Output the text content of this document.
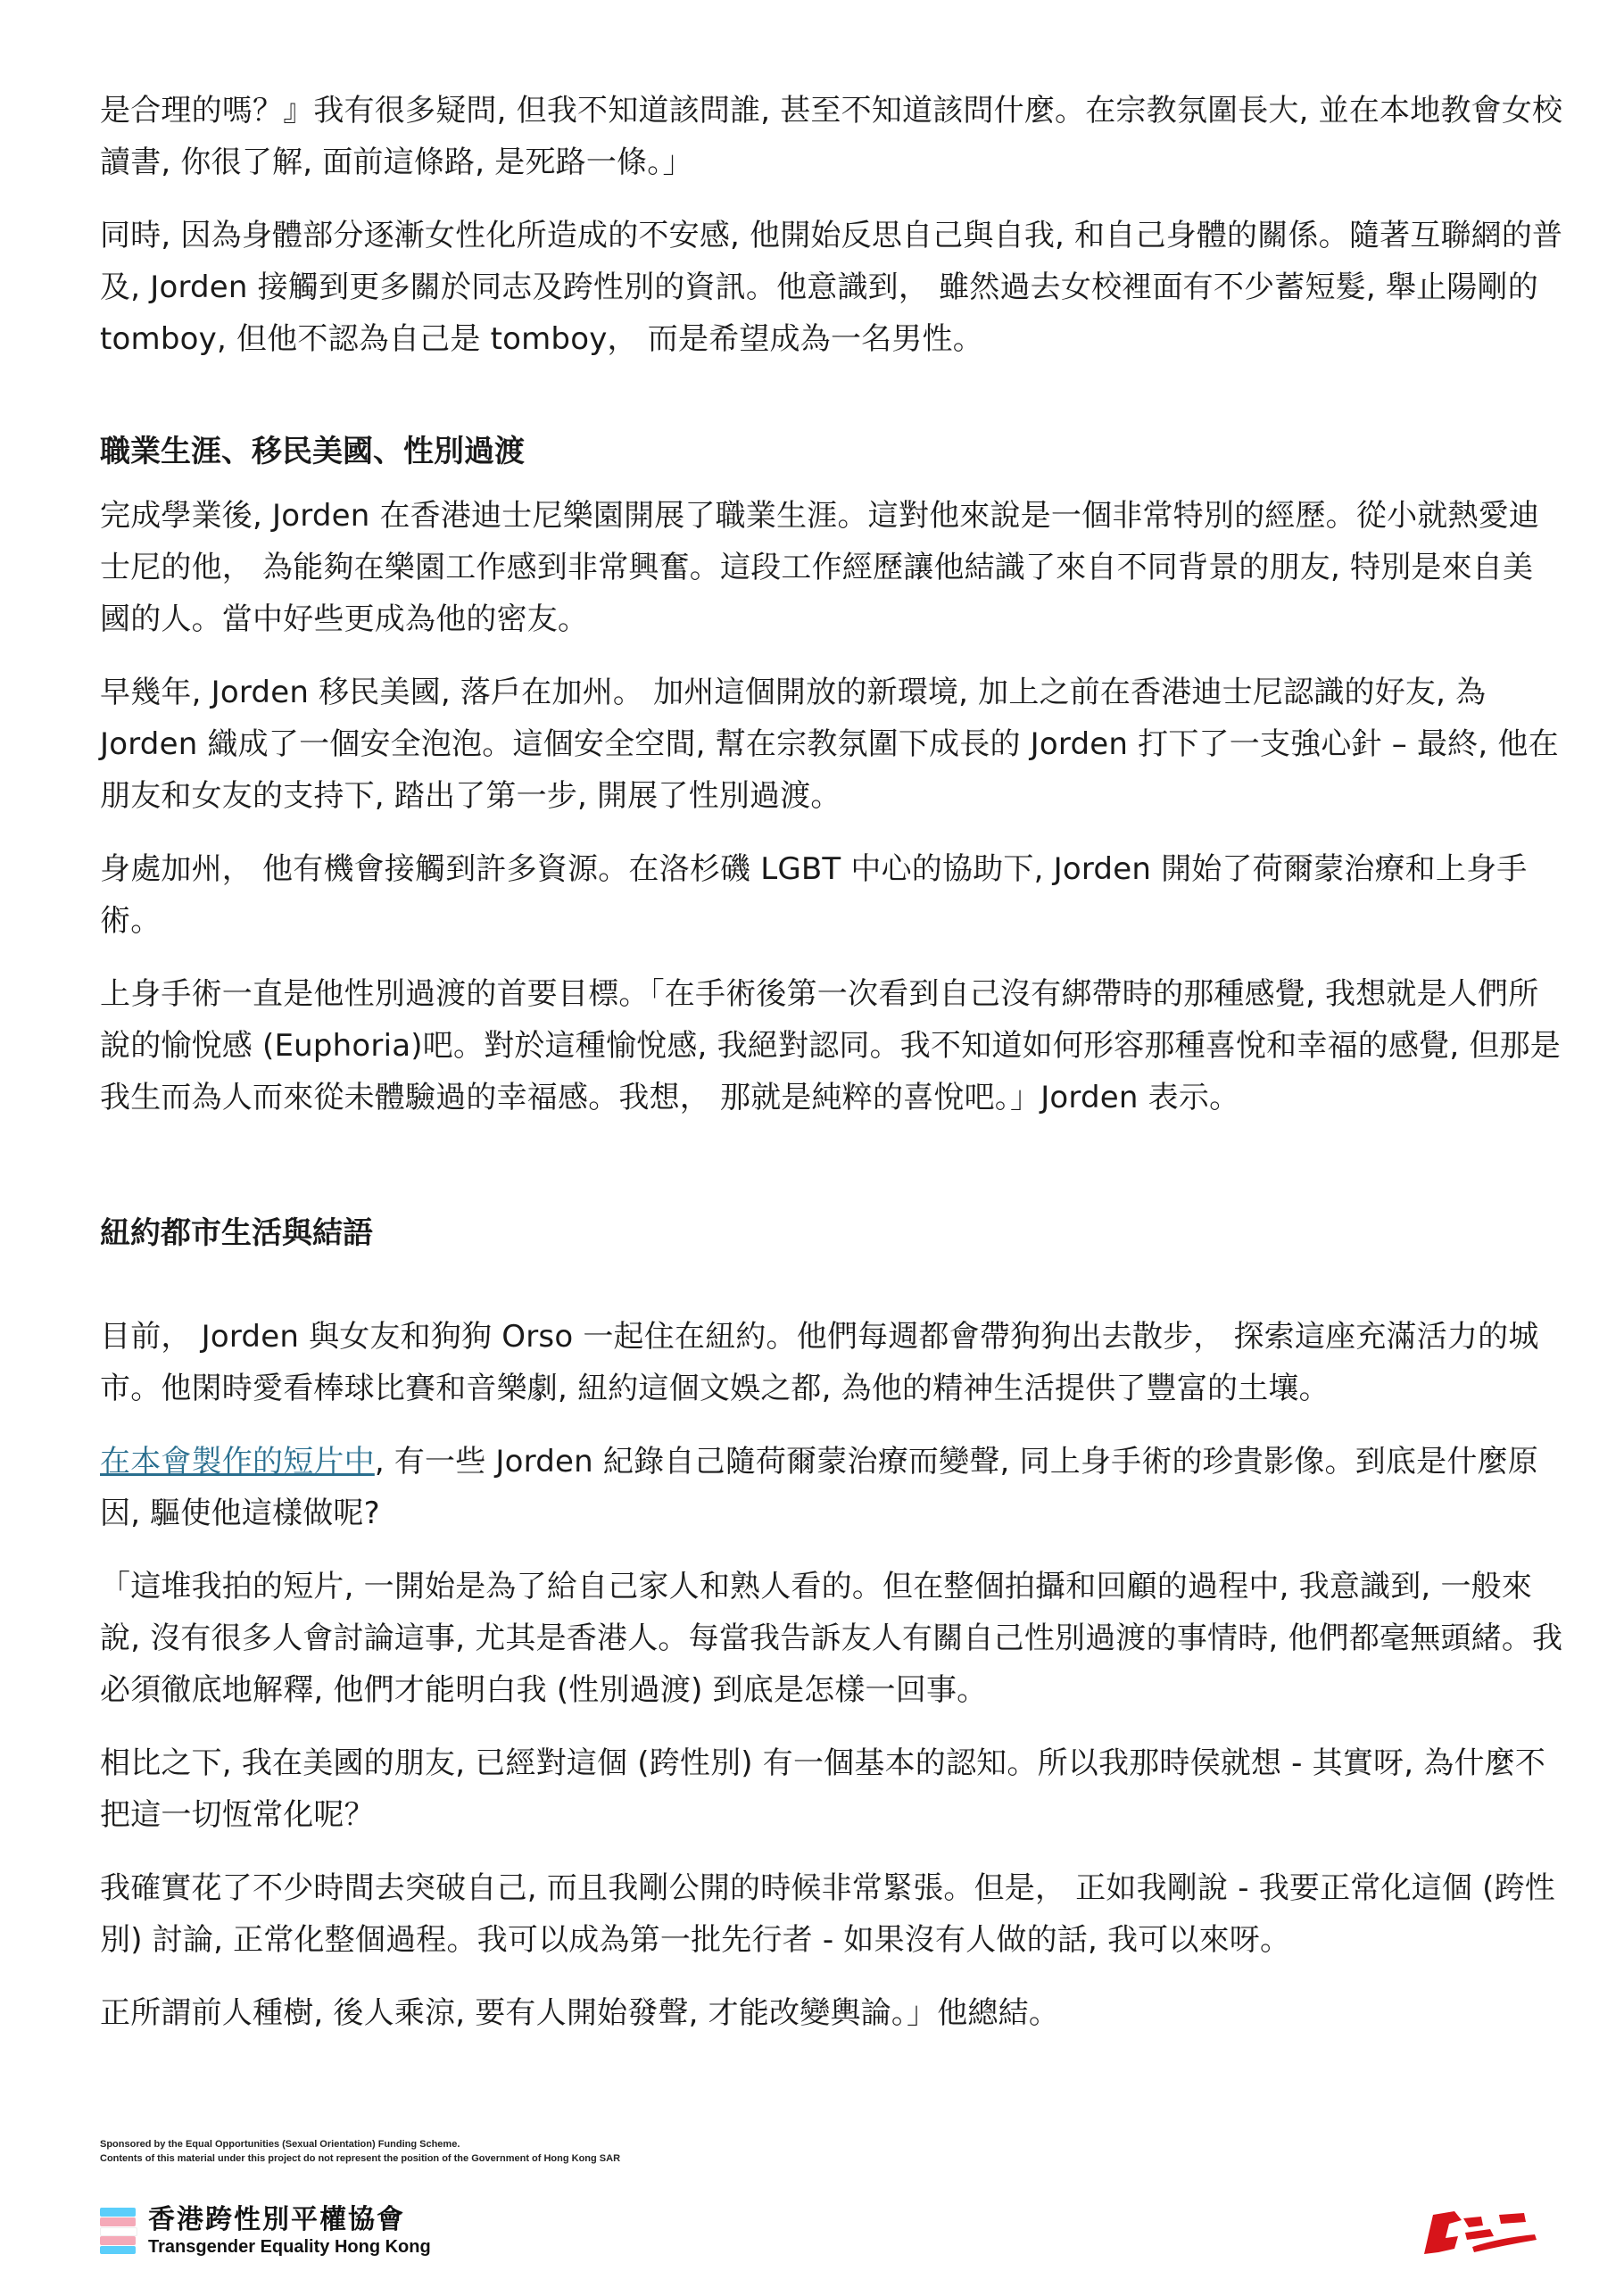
是合理的嗎？』我有很多疑問, 但我不知道該問誰, 甚至不知道該問什麼。在宗教氛圍長大, 並在本地教會女校讀書, 你很了解, 面前這條路, 是死路一條。」

同時, 因為身體部分逐漸女性化所造成的不安感, 他開始反思自己與自我, 和自己身體的關係。隨著互聯網的普及, Jorden 接觸到更多關於同志及跨性別的資訊。他意識到， 雖然過去女校裡面有不少蓄短髮, 舉止陽剛的 tomboy, 但他不認為自己是 tomboy， 而是希望成為一名男性。

職業生涯、移民美國、性別過渡

完成學業後, Jorden 在香港迪士尼樂園開展了職業生涯。這對他來說是一個非常特別的經歷。從小就熱愛迪士尼的他， 為能夠在樂園工作感到非常興奮。這段工作經歷讓他結識了來自不同背景的朋友, 特別是來自美國的人。當中好些更成為他的密友。

早幾年, Jorden 移民美國, 落戶在加州。 加州這個開放的新環境, 加上之前在香港迪士尼認識的好友, 為 Jorden 織成了一個安全泡泡。這個安全空間, 幫在宗教氛圍下成長的 Jorden 打下了一支強心針 – 最終, 他在朋友和女友的支持下, 踏出了第一步, 開展了性別過渡。

身處加州， 他有機會接觸到許多資源。在洛杉磯 LGBT 中心的協助下, Jorden 開始了荷爾蒙治療和上身手術。

上身手術一直是他性別過渡的首要目標。「在手術後第一次看到自己沒有綁帶時的那種感覺, 我想就是人們所說的愉悅感 (Euphoria)吧。對於這種愉悅感, 我絕對認同。我不知道如何形容那種喜悅和幸福的感覺, 但那是我生而為人而來從未體驗過的幸福感。我想， 那就是純粹的喜悅吧。」Jorden 表示。

紐約都市生活與結語

目前， Jorden 與女友和狗狗 Orso 一起住在紐約。他們每週都會帶狗狗出去散步， 探索這座充滿活力的城市。他閑時愛看棒球比賽和音樂劇, 紐約這個文娛之都, 為他的精神生活提供了豐富的土壤。

在本會製作的短片中, 有一些 Jorden 紀錄自己隨荷爾蒙治療而變聲, 同上身手術的珍貴影像。到底是什麼原因, 驅使他這樣做呢?

「這堆我拍的短片, 一開始是為了給自己家人和熟人看的。但在整個拍攝和回顧的過程中, 我意識到, 一般來說, 沒有很多人會討論這事, 尤其是香港人。每當我告訴友人有關自己性別過渡的事情時, 他們都毫無頭緒。我必須徹底地解釋, 他們才能明白我 (性別過渡) 到底是怎樣一回事。

相比之下, 我在美國的朋友, 已經對這個 (跨性別) 有一個基本的認知。所以我那時侯就想 - 其實呀, 為什麼不把這一切恆常化呢？

我確實花了不少時間去突破自己, 而且我剛公開的時候非常緊張。但是， 正如我剛說 - 我要正常化這個 (跨性別) 討論, 正常化整個過程。我可以成為第一批先行者 - 如果沒有人做的話, 我可以來呀。

正所謂前人種樹, 後人乘涼, 要有人開始發聲, 才能改變輿論。」他總結。

Sponsored by the Equal Opportunities (Sexual Orientation) Funding Scheme.
Contents of this material under this project do not represent the position of the Government of Hong Kong SAR
香港跨性別平權協會
Transgender Equality Hong Kong
